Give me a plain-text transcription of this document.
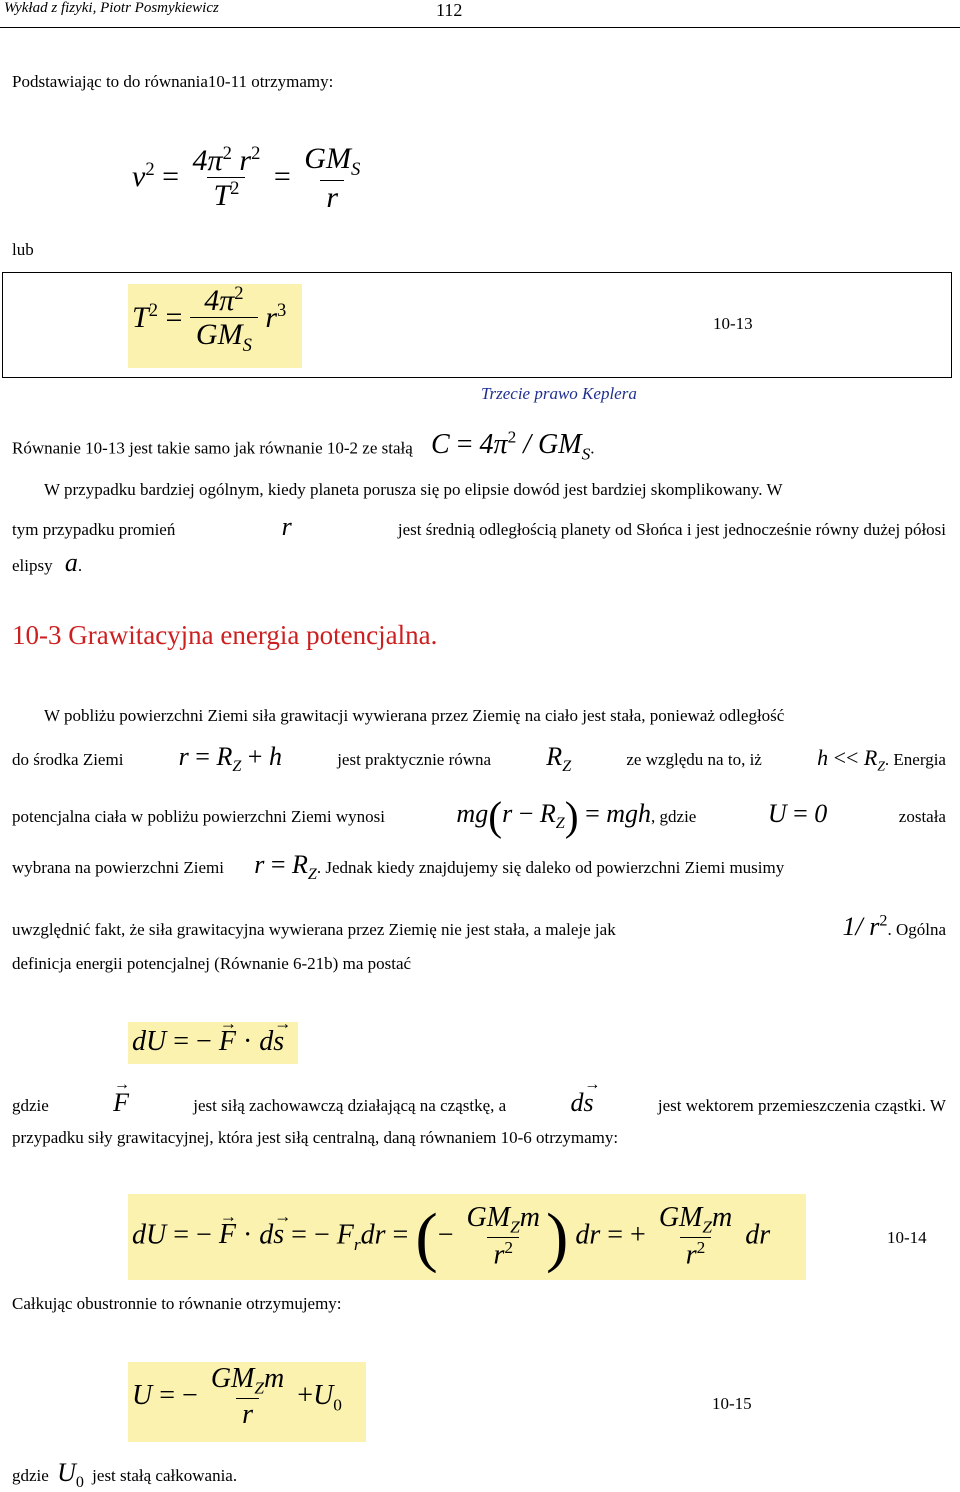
Wykład z fizyki, Piotr Posmykiewicz	112
Podstawiając to do równania10-11 otrzymamy:
$v^2 = \frac{4\pi^2 r^2}{T^2} = \frac{GM_S}{r}$
lub
$T^2 = \frac{4\pi^2}{GM_S} r^3$
10-13
Trzecie prawo Keplera
Równanie 10-13 jest takie samo jak równanie 10-2 ze stałą $C = 4\pi^2 / GM_S$.
W przypadku bardziej ogólnym, kiedy planeta porusza się po elipsie dowód jest bardziej skomplikowany. W
tym przypadku promień	r	jest średnią odległością planety od Słońca i jest jednocześnie równy dużej półosi
elipsy a.
10-3 Grawitacyjna energia potencjalna.
W pobliżu powierzchni Ziemi siła grawitacji wywierana przez Ziemię na ciało jest stała, ponieważ odległość
do środka Ziemi $r = R_Z + h$	jest praktycznie równa $R_Z$	ze względu na to, iż	$h << R_Z$. Energia
potencjalna ciała w pobliżu powierzchni Ziemi wynosi	$mg(r - R_Z)$ = mgh, gdzie	U = 0	została
wybrana na powierzchni Ziemi $r = R_Z$. Jednak kiedy znajdujemy się daleko od powierzchni Ziemi musimy
uwzględnić fakt, że siła grawitacyjna wywierana przez Ziemię nie jest stała, a maleje jak	1/ $r^2$. Ogólna
definicja energii potencjalnej (Równanie 6-21b) ma postać
dU = − → F · d→ s
gdzie → F	jest siłą zachowawczą działającą na cząstkę, a d→ s	jest wektorem przemieszczenia cząstki. W
przypadku siły grawitacyjnej, która jest siłą centralną, daną równaniem 10-6 otrzymamy:
dU = − → F · d→ s = − $F_rdr$ = (− $\frac{GM_Zm}{r^2}$ ) dr = + $\frac{GM_Zm}{r^2}$ dr	10-14
Całkując obustronnie to równanie otrzymujemy:
U = − $\frac{GM_Zm}{r} +U_0$	10-15
gdzie $U_0$ jest stałą całkowania.
